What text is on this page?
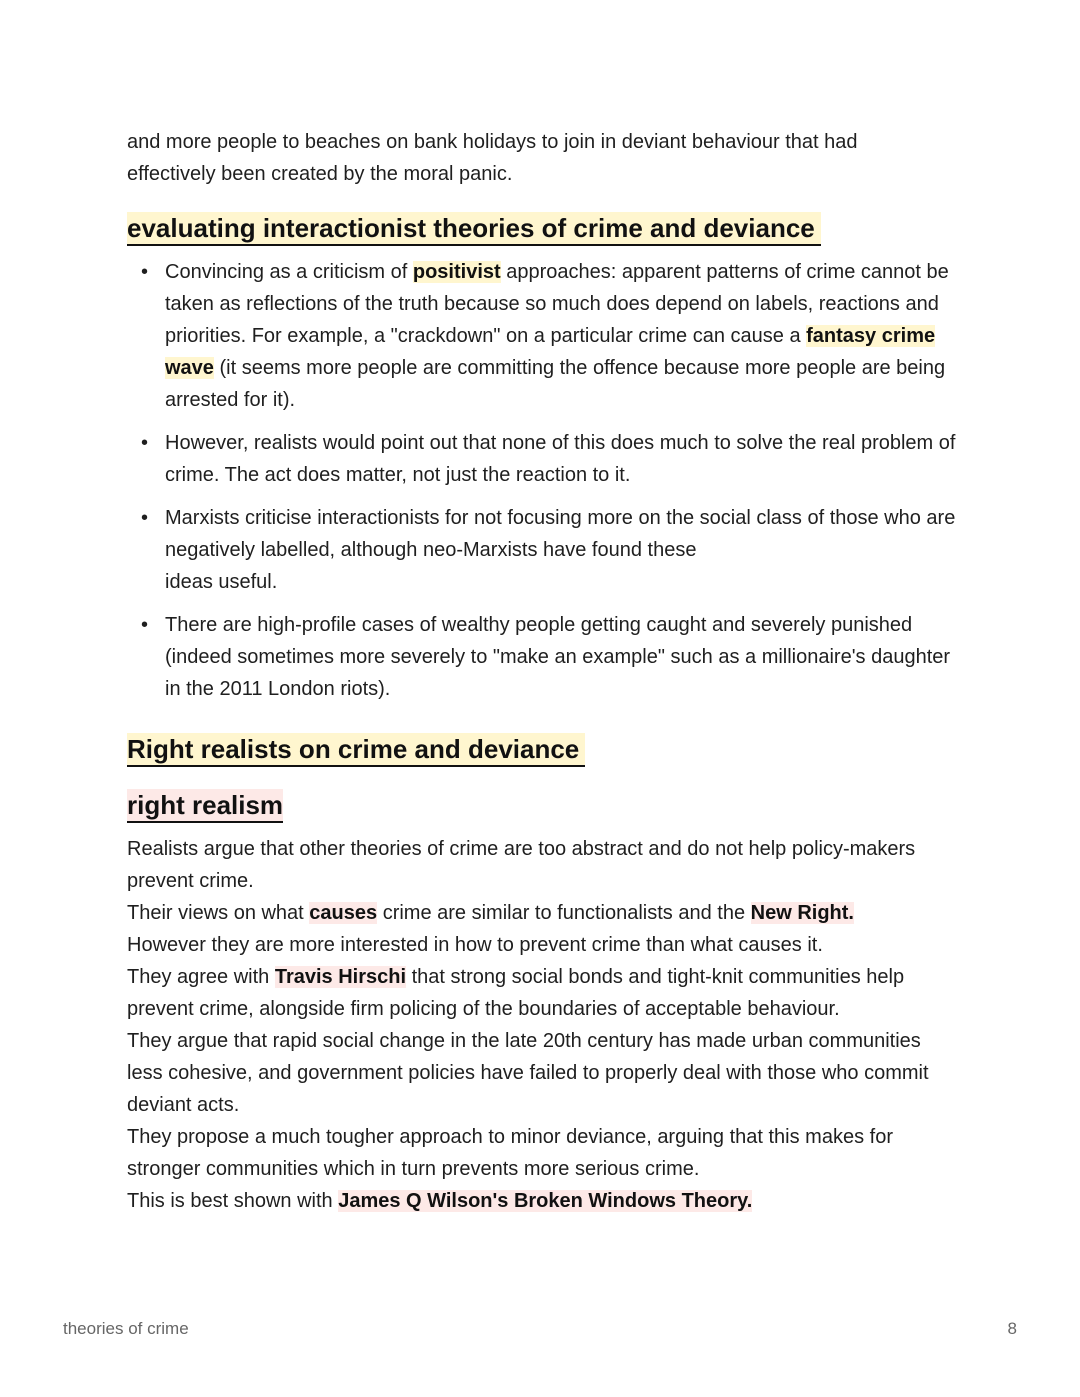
and more people to beaches on bank holidays to join in deviant behaviour that had
effectively been created by the moral panic.

evaluating interactionist theories of crime and deviance
• Convincing as a criticism of positivist approaches: apparent patterns of crime cannot be taken as reflections of the truth because so much does depend on labels, reactions and priorities. For example, a "crackdown" on a particular crime can cause a fantasy crime wave (it seems more people are committing the offence because more people are being arrested for it).
• However, realists would point out that none of this does much to solve the real problem of crime. The act does matter, not just the reaction to it.
• Marxists criticise interactionists for not focusing more on the social class of those who are negatively labelled, although neo-Marxists have found these
ideas useful.
• There are high-profile cases of wealthy people getting caught and severely punished (indeed sometimes more severely to "make an example" such as a millionaire's daughter in the 2011 London riots).
Right realists on crime and deviance
right realism

Realists argue that other theories of crime are too abstract and do not help policy-makers prevent crime.

Their views on what causes crime are similar to functionalists and the New Right.

However they are more interested in how to prevent crime than what causes it.

They agree with Travis Hirschi that strong social bonds and tight-knit communities help prevent crime, alongside firm policing of the boundaries of acceptable behaviour.

They argue that rapid social change in the late 20th century has made urban communities less cohesive, and government policies have failed to properly deal with those who commit deviant acts.

They propose a much tougher approach to minor deviance, arguing that this makes for stronger communities which in turn prevents more serious crime.

This is best shown with James Q Wilson's Broken Windows Theory.

theories of crime	8
